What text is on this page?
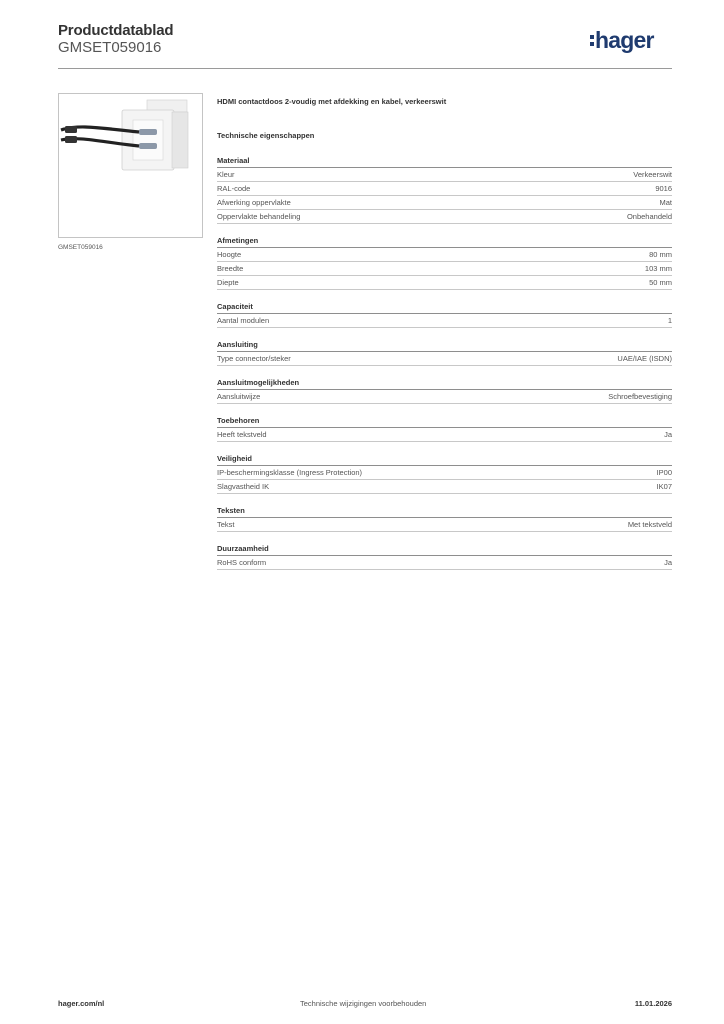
Productdatablad
GMSET059016	hager
GMSET059016
HDMI contactdoos 2-voudig met afdekking en kabel, verkeerswit
Technische eigenschappen
Materiaal
Kleur	Verkeerswit
RAL-code	9016
Afwerking oppervlakte	Mat
Oppervlakte behandeling	Onbehandeld
Afmetingen
Hoogte	80 mm
Breedte	103 mm
Diepte	50 mm
Capaciteit
Aantal modulen	1
Aansluiting
Type connector/steker	UAE/IAE (ISDN)
Aansluitmogelijkheden
Aansluitwijze	Schroefbevestiging
Toebehoren
Heeft tekstveld	Ja
Veiligheid
IP-beschermingsklasse (Ingress Protection)	IP00
Slagvastheid IK	IK07
Teksten
Tekst	Met tekstveld
Duurzaamheid
RoHS conform	Ja
hager.com/nl	Technische wijzigingen voorbehouden	11.01.2026
